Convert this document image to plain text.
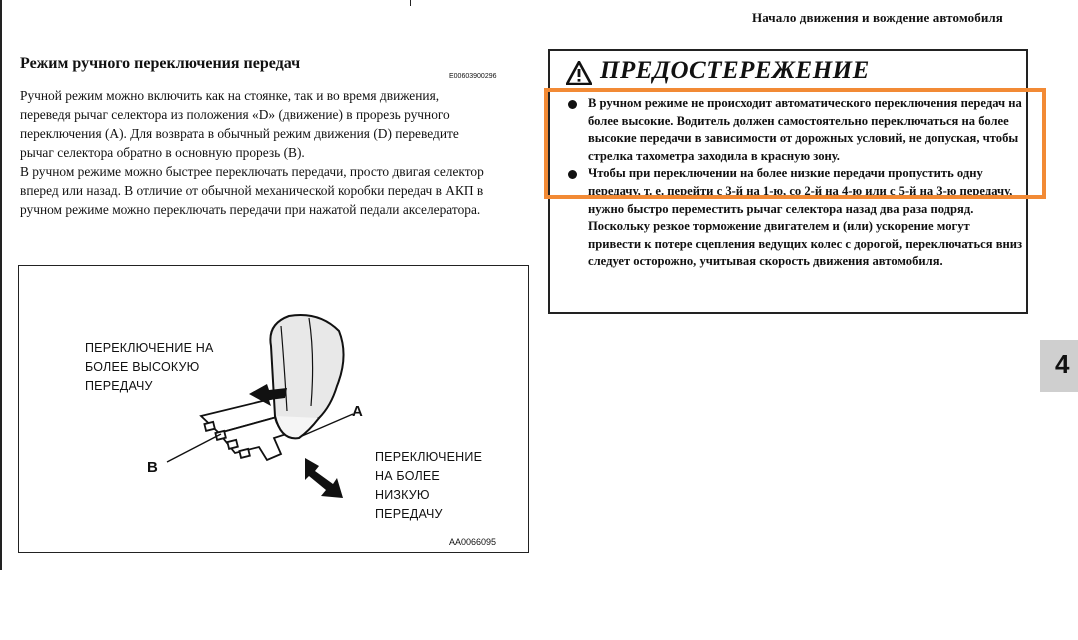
Начало движения и вождение автомобиля
Режим ручного переключения передач
E00603900296

Ручной режим можно включить как на стоянке, так и во время движения, переведя рычаг селектора из положения «D» (движение) в прорезь ручного переключения (А). Для возврата в обычный режим движения (D) переведите рычаг селектора обратно в основную прорезь (В).

В ручном режиме можно быстрее переключать передачи, просто двигая селектор вперед или назад. В отличие от обычной механической коробки передач в АКП в ручном режиме можно переключать передачи при нажатой педали акселератора.

ПЕРЕКЛЮЧЕНИЕ НА
БОЛЕЕ ВЫСОКУЮ
ПЕРЕДАЧУ
ПЕРЕКЛЮЧЕНИЕ
НА БОЛЕЕ
НИЗКУЮ
ПЕРЕДАЧУ
B
A
AA0066095
ПРЕДОСТЕРЕЖЕНИЕ
В ручном режиме не происходит автоматического переключения передач на более высокие. Водитель должен самостоятельно переключаться на более высокие передачи в зависимости от дорожных условий, не допуская, чтобы стрелка тахометра заходила в красную зону.
Чтобы при переключении на более низкие передачи пропустить одну передачу, т. е. перейти с 3-й на 1-ю, со 2-й на 4-ю или с 5-й на 3-ю передачу, нужно быстро переместить рычаг селектора назад два раза подряд. Поскольку резкое торможение двигателем и (или) ускорение могут привести к потере сцепления ведущих колес с дорогой, переключаться вниз следует осторожно, учитывая скорость движения автомобиля.
4
